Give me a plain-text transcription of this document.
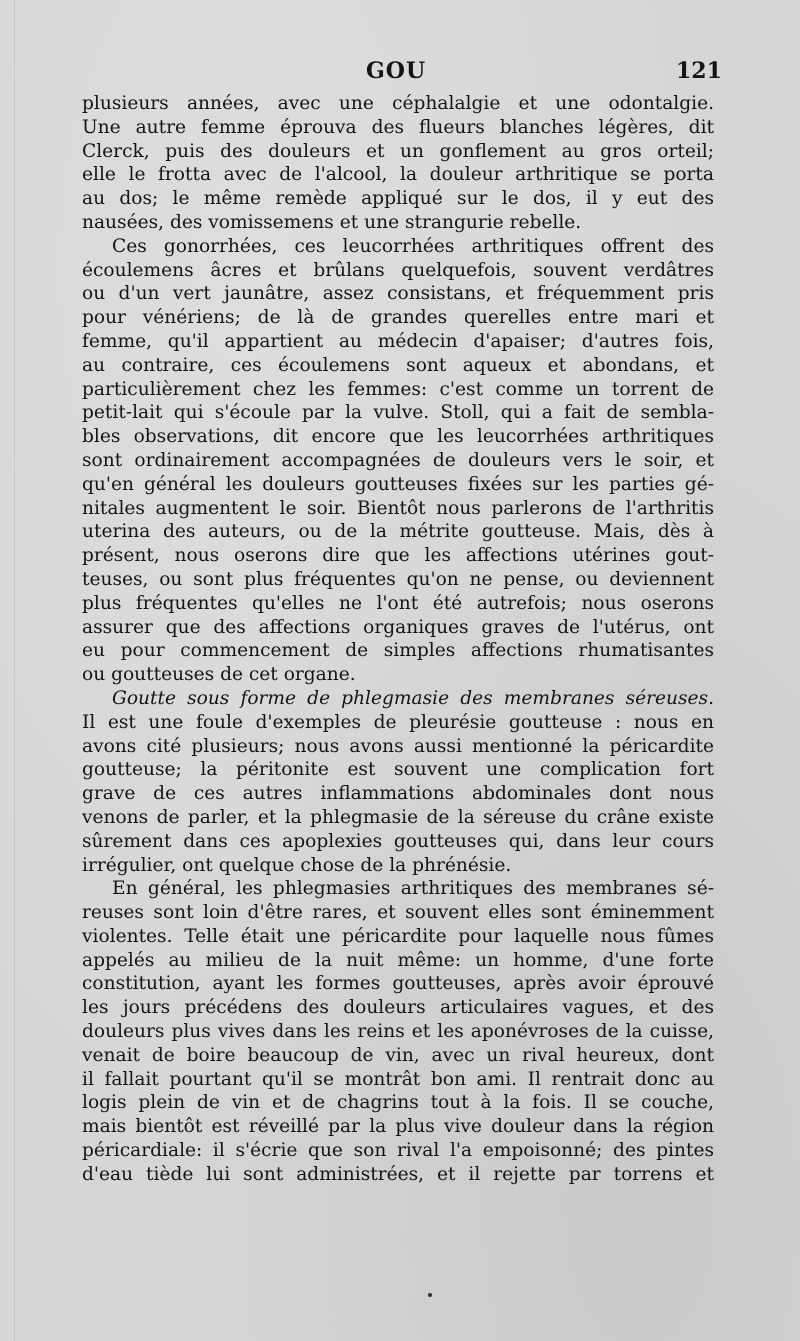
GOU	121
plusieurs années, avec une céphalalgie et une odontalgie.
Une autre femme éprouva des flueurs blanches légères, dit
Clerck, puis des douleurs et un gonflement au gros orteil;
elle le frotta avec de l'alcool, la douleur arthritique se porta
au dos; le même remède appliqué sur le dos, il y eut des
nausées, des vomissemens et une strangurie rebelle.
Ces gonorrhées, ces leucorrhées arthritiques offrent des
écoulemens âcres et brûlans quelquefois, souvent verdâtres
ou d'un vert jaunâtre, assez consistans, et fréquemment pris
pour vénériens; de là de grandes querelles entre mari et
femme, qu'il appartient au médecin d'apaiser; d'autres fois,
au contraire, ces écoulemens sont aqueux et abondans, et
particulièrement chez les femmes: c'est comme un torrent de
petit-lait qui s'écoule par la vulve. Stoll, qui a fait de sembla-
bles observations, dit encore que les leucorrhées arthritiques
sont ordinairement accompagnées de douleurs vers le soir, et
qu'en général les douleurs goutteuses fixées sur les parties gé-
nitales augmentent le soir. Bientôt nous parlerons de l'arthritis
uterina des auteurs, ou de la métrite goutteuse. Mais, dès à
présent, nous oserons dire que les affections utérines gout-
teuses, ou sont plus fréquentes qu'on ne pense, ou deviennent
plus fréquentes qu'elles ne l'ont été autrefois; nous oserons
assurer que des affections organiques graves de l'utérus, ont
eu pour commencement de simples affections rhumatisantes
ou goutteuses de cet organe.
Goutte sous forme de phlegmasie des membranes séreuses.
Il est une foule d'exemples de pleurésie goutteuse : nous en
avons cité plusieurs; nous avons aussi mentionné la péricardite
goutteuse; la péritonite est souvent une complication fort
grave de ces autres inflammations abdominales dont nous
venons de parler, et la phlegmasie de la séreuse du crâne existe
sûrement dans ces apoplexies goutteuses qui, dans leur cours
irrégulier, ont quelque chose de la phrénésie.
En général, les phlegmasies arthritiques des membranes sé-
reuses sont loin d'être rares, et souvent elles sont éminemment
violentes. Telle était une péricardite pour laquelle nous fûmes
appelés au milieu de la nuit même: un homme, d'une forte
constitution, ayant les formes goutteuses, après avoir éprouvé
les jours précédens des douleurs articulaires vagues, et des
douleurs plus vives dans les reins et les aponévroses de la cuisse,
venait de boire beaucoup de vin, avec un rival heureux, dont
il fallait pourtant qu'il se montrât bon ami. Il rentrait donc au
logis plein de vin et de chagrins tout à la fois. Il se couche,
mais bientôt est réveillé par la plus vive douleur dans la région
péricardiale: il s'écrie que son rival l'a empoisonné; des pintes
d'eau tiède lui sont administrées, et il rejette par torrens et
